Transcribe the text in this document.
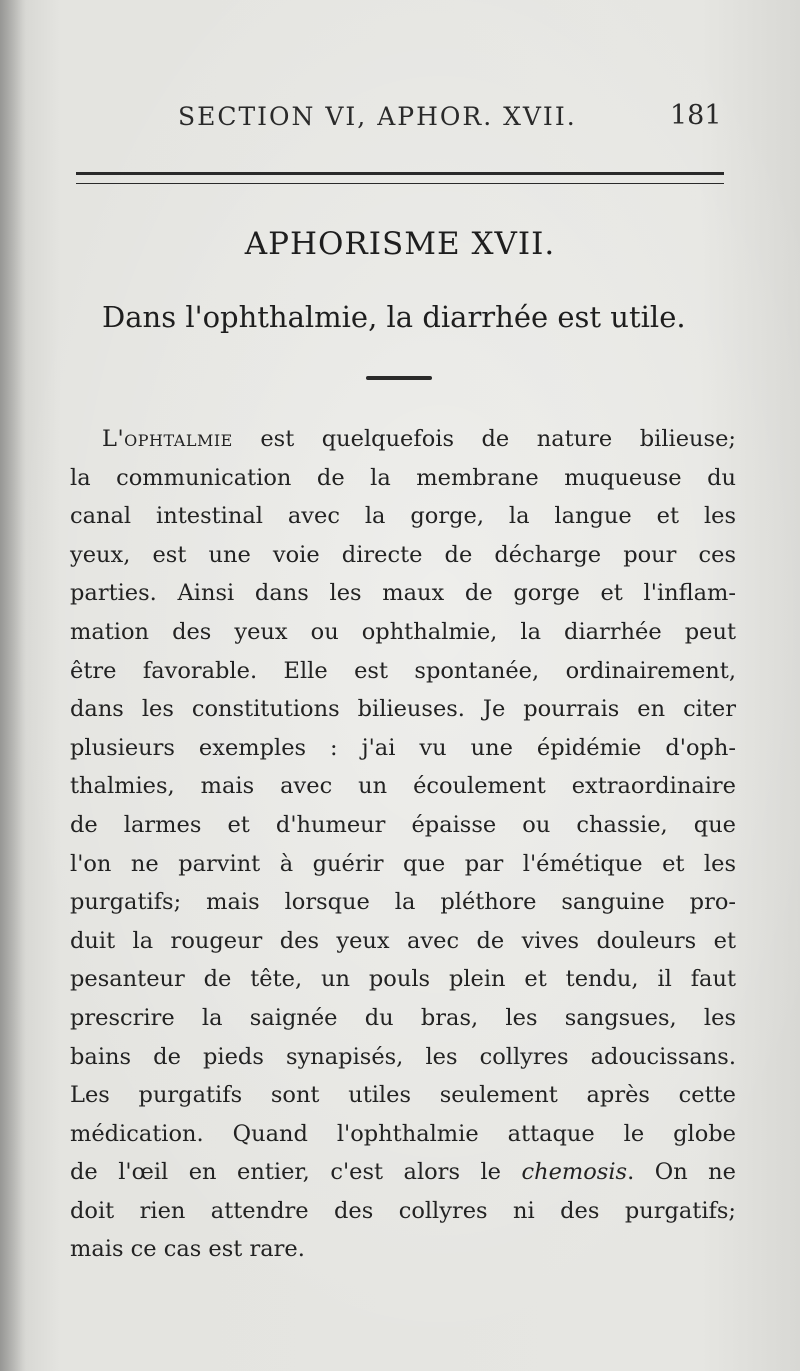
SECTION VI, APHOR. XVII.	181
APHORISME XVII.
Dans l'ophthalmie, la diarrhée est utile.
L'ophtalmie est quelquefois de nature bilieuse;
la communication de la membrane muqueuse du
canal intestinal avec la gorge, la langue et les
yeux, est une voie directe de décharge pour ces
parties. Ainsi dans les maux de gorge et l'inflam-
mation des yeux ou ophthalmie, la diarrhée peut
être favorable. Elle est spontanée, ordinairement,
dans les constitutions bilieuses. Je pourrais en citer
plusieurs exemples : j'ai vu une épidémie d'oph-
thalmies, mais avec un écoulement extraordinaire
de larmes et d'humeur épaisse ou chassie, que
l'on ne parvint à guérir que par l'émétique et les
purgatifs; mais lorsque la pléthore sanguine pro-
duit la rougeur des yeux avec de vives douleurs et
pesanteur de tête, un pouls plein et tendu, il faut
prescrire la saignée du bras, les sangsues, les
bains de pieds synapisés, les collyres adoucissans.
Les purgatifs sont utiles seulement après cette
médication. Quand l'ophthalmie attaque le globe
de l'œil en entier, c'est alors le chemosis. On ne
doit rien attendre des collyres ni des purgatifs;
mais ce cas est rare.
